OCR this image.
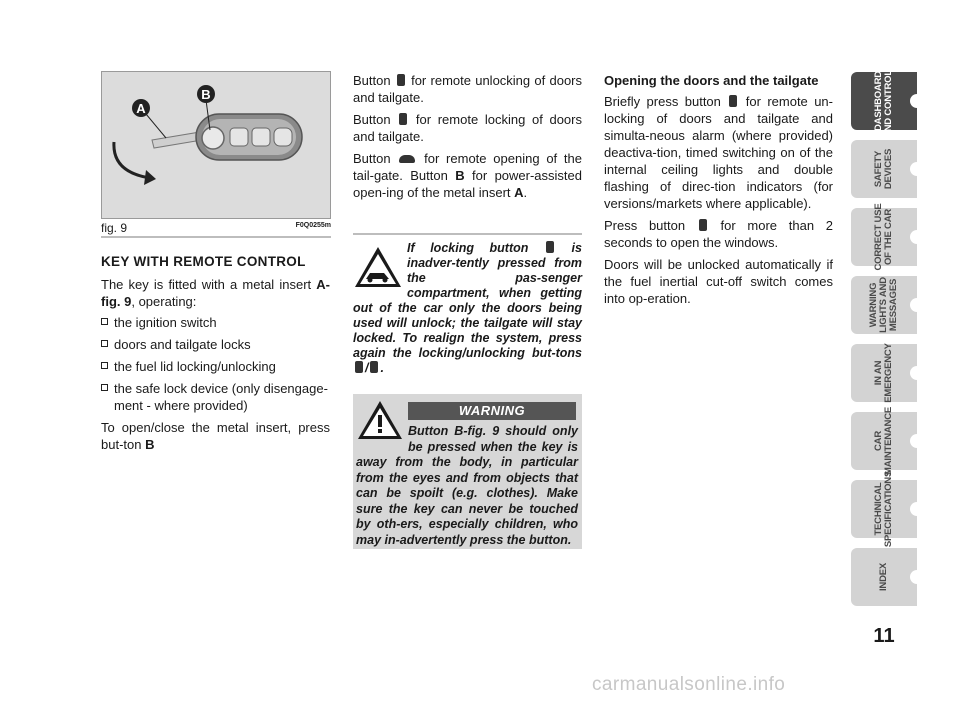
A
B
fig. 9	F0Q0255m
KEY WITH REMOTE CONTROL

The key is fitted with a metal insert A-fig. 9, operating:

the ignition switch
doors and tailgate locks
the fuel lid locking/unlocking
the safe lock device (only disengage-ment - where provided)

To open/close the metal insert, press but-ton B

Button  for remote unlocking of doors and tailgate.

Button  for remote locking of doors and tailgate.

Button  for remote opening of the tail-gate. Button B for power-assisted open-ing of the metal insert A.

If locking button  is inadver-tently pressed from the pas-senger compartment, when getting out of the car only the doors being used will unlock; the tailgate will stay locked. To realign the system, press again the locking/unlocking but-tons / .
WARNING
Button B-fig. 9 should only be pressed when the key is away from the body, in particular from the eyes and from objects that can be spoilt (e.g. clothes). Make sure the key can never be touched by oth-ers, especially children, who may in-advertently press the button.
Opening the doors and the tailgate

Briefly press button  for remote un-locking of doors and tailgate and simulta-neous alarm (where provided) deactiva-tion, timed switching on of the internal ceiling lights and double flashing of direc-tion indicators (for versions/markets where applicable).

Press button  for more than 2 seconds to open the windows.

Doors will be unlocked automatically if the fuel inertial cut-off switch comes into op-eration.

DASHBOARD
AND CONTROLS
SAFETY
DEVICES
CORRECT USE
OF THE CAR
WARNING
LIGHTS AND
MESSAGES
IN AN
EMERGENCY
CAR
MAINTENANCE
TECHNICAL
SPECIFICATIONS
INDEX
11
carmanualsonline.info
